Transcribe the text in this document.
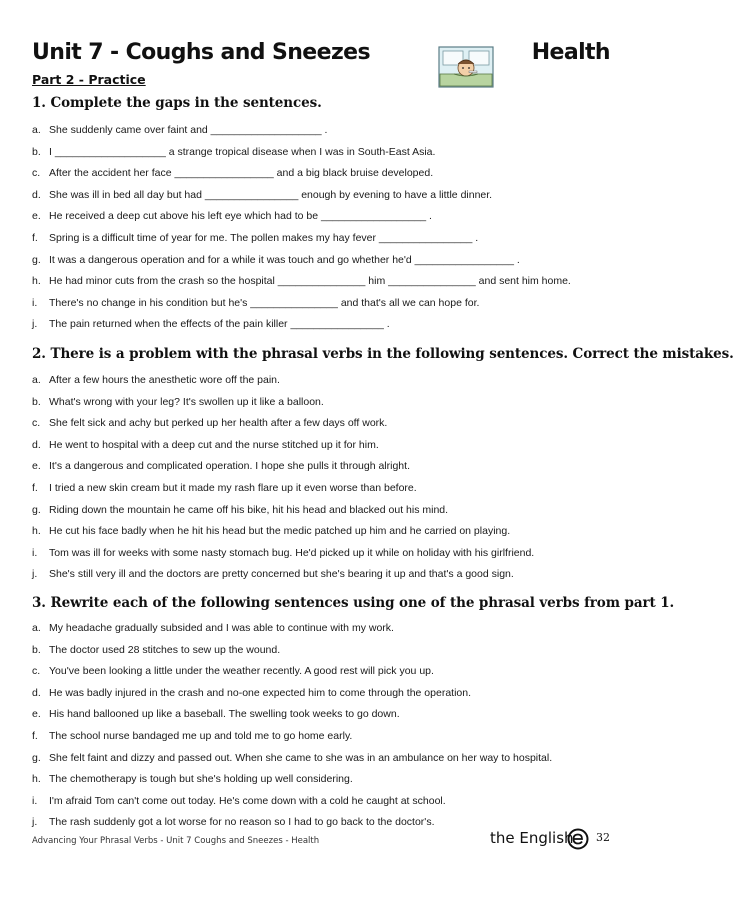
Unit 7 - Coughs and Sneezes	Health
Part 2 - Practice
1. Complete the gaps in the sentences.
a. She suddenly came over faint and ___________________ .
b. I ___________________ a strange tropical disease when I was in South-East Asia.
c. After the accident her face _________________ and a big black bruise developed.
d. She was ill in bed all day but had ________________ enough by evening to have a little dinner.
e. He received a deep cut above his left eye which had to be __________________ .
f. Spring is a difficult time of year for me. The pollen makes my hay fever ________________ .
g. It was a dangerous operation and for a while it was touch and go whether he'd _________________ .
h. He had minor cuts from the crash so the hospital _______________ him _______________ and sent him home.
i. There's no change in his condition but he's _______________ and that's all we can hope for.
j. The pain returned when the effects of the pain killer ________________ .
2. There is a problem with the phrasal verbs in the following sentences. Correct the mistakes.
a. After a few hours the anesthetic wore off the pain.
b. What's wrong with your leg? It's swollen up it like a balloon.
c. She felt sick and achy but perked up her health after a few days off work.
d. He went to hospital with a deep cut and the nurse stitched up it for him.
e. It's a dangerous and complicated operation. I hope she pulls it through alright.
f. I tried a new skin cream but it made my rash flare up it even worse than before.
g. Riding down the mountain he came off his bike, hit his head and blacked out his mind.
h. He cut his face badly when he hit his head but the medic patched up him and he carried on playing.
i. Tom was ill for weeks with some nasty stomach bug. He'd picked up it while on holiday with his girlfriend.
j. She's still very ill and the doctors are pretty concerned but she's bearing it up and that's a good sign.
3. Rewrite each of the following sentences using one of the phrasal verbs from part 1.
a. My headache gradually subsided and I was able to continue with my work.
b. The doctor used 28 stitches to sew up the wound.
c. You've been looking a little under the weather recently. A good rest will pick you up.
d. He was badly injured in the crash and no-one expected him to come through the operation.
e. His hand ballooned up like a baseball. The swelling took weeks to go down.
f. The school nurse bandaged me up and told me to go home early.
g. She felt faint and dizzy and passed out. When she came to she was in an ambulance on her way to hospital.
h. The chemotherapy is tough but she's holding up well considering.
i. I'm afraid Tom can't come out today. He's come down with a cold he caught at school.
j. The rash suddenly got a lot worse for no reason so I had to go back to the doctor's.
Advancing Your Phrasal Verbs - Unit 7 Coughs and Sneezes - Health	the English 32
